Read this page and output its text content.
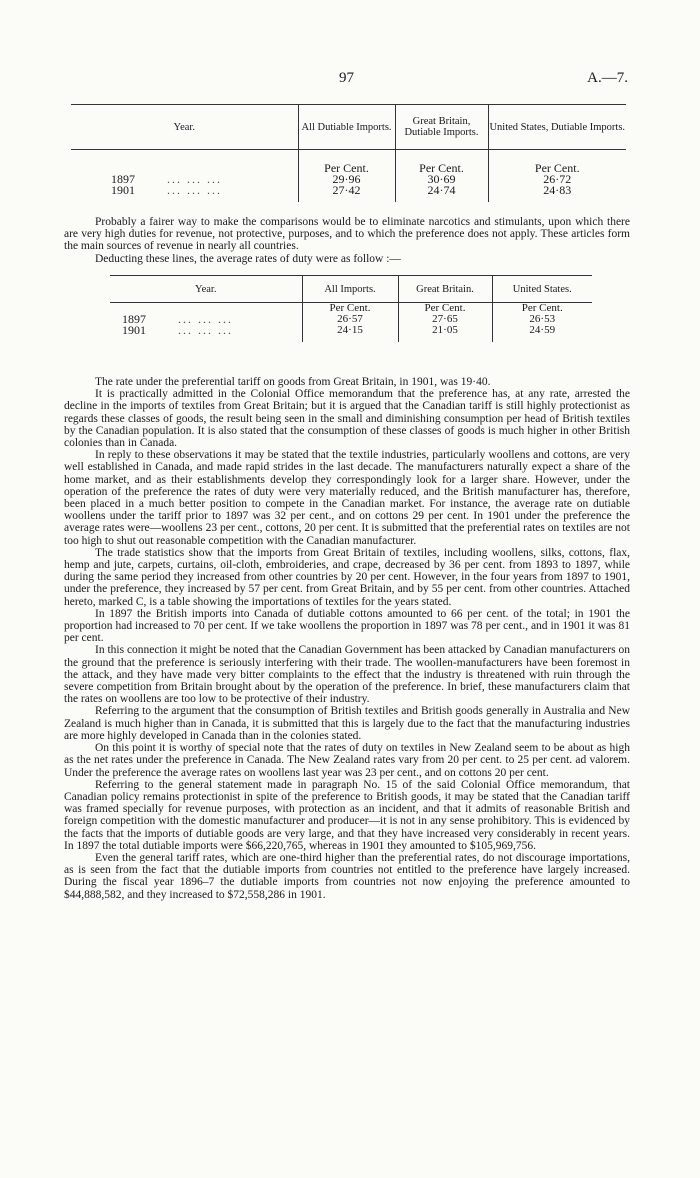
97	A.—7.
Year.	All Dutiable Imports.	Great Britain, Dutiable Imports.	United States, Dutiable Imports.
	Per Cent.	Per Cent.	Per Cent.
1897 ... ... ...	29·96	30·69	26·72
1901 ... ... ...	27·42	24·74	24·83

Probably a fairer way to make the comparisons would be to eliminate narcotics and stimulants, upon which there are very high duties for revenue, not protective, purposes, and to which the preference does not apply. These articles form the main sources of revenue in nearly all countries.

Deducting these lines, the average rates of duty were as follow :—

Year.	All Imports.	Great Britain.	United States.
	Per Cent.	Per Cent.	Per Cent.
1897 ... ... ...	26·57	27·65	26·53
1901 ... ... ...	24·15	21·05	24·59

The rate under the preferential tariff on goods from Great Britain, in 1901, was 19·40.

It is practically admitted in the Colonial Office memorandum that the preference has, at any rate, arrested the decline in the imports of textiles from Great Britain; but it is argued that the Canadian tariff is still highly protectionist as regards these classes of goods, the result being seen in the small and diminishing consumption per head of British textiles by the Canadian population. It is also stated that the consumption of these classes of goods is much higher in other British colonies than in Canada.

In reply to these observations it may be stated that the textile industries, particularly woollens and cottons, are very well established in Canada, and made rapid strides in the last decade. The manufacturers naturally expect a share of the home market, and as their establishments develop they correspondingly look for a larger share. However, under the operation of the preference the rates of duty were very materially reduced, and the British manufacturer has, therefore, been placed in a much better position to compete in the Canadian market. For instance, the average rate on dutiable woollens under the tariff prior to 1897 was 32 per cent., and on cottons 29 per cent. In 1901 under the preference the average rates were—woollens 23 per cent., cottons, 20 per cent. It is submitted that the preferential rates on textiles are not too high to shut out reasonable competition with the Canadian manufacturer.

The trade statistics show that the imports from Great Britain of textiles, including woollens, silks, cottons, flax, hemp and jute, carpets, curtains, oil-cloth, embroideries, and crape, decreased by 36 per cent. from 1893 to 1897, while during the same period they increased from other countries by 20 per cent. However, in the four years from 1897 to 1901, under the preference, they increased by 57 per cent. from Great Britain, and by 55 per cent. from other countries. Attached hereto, marked C, is a table showing the importations of textiles for the years stated.

In 1897 the British imports into Canada of dutiable cottons amounted to 66 per cent. of the total; in 1901 the proportion had increased to 70 per cent. If we take woollens the proportion in 1897 was 78 per cent., and in 1901 it was 81 per cent.

In this connection it might be noted that the Canadian Government has been attacked by Canadian manufacturers on the ground that the preference is seriously interfering with their trade. The woollen-manufacturers have been foremost in the attack, and they have made very bitter complaints to the effect that the industry is threatened with ruin through the severe competition from Britain brought about by the operation of the preference. In brief, these manufacturers claim that the rates on woollens are too low to be protective of their industry.

Referring to the argument that the consumption of British textiles and British goods generally in Australia and New Zealand is much higher than in Canada, it is submitted that this is largely due to the fact that the manufacturing industries are more highly developed in Canada than in the colonies stated.

On this point it is worthy of special note that the rates of duty on textiles in New Zealand seem to be about as high as the net rates under the preference in Canada. The New Zealand rates vary from 20 per cent. to 25 per cent. ad valorem. Under the preference the average rates on woollens last year was 23 per cent., and on cottons 20 per cent.

Referring to the general statement made in paragraph No. 15 of the said Colonial Office memorandum, that Canadian policy remains protectionist in spite of the preference to British goods, it may be stated that the Canadian tariff was framed specially for revenue purposes, with protection as an incident, and that it admits of reasonable British and foreign competition with the domestic manufacturer and producer—it is not in any sense prohibitory. This is evidenced by the facts that the imports of dutiable goods are very large, and that they have increased very considerably in recent years. In 1897 the total dutiable imports were $66,220,765, whereas in 1901 they amounted to $105,969,756.

Even the general tariff rates, which are one-third higher than the preferential rates, do not discourage importations, as is seen from the fact that the dutiable imports from countries not entitled to the preference have largely increased. During the fiscal year 1896–7 the dutiable imports from countries not now enjoying the preference amounted to $44,888,582, and they increased to $72,558,286 in 1901.
